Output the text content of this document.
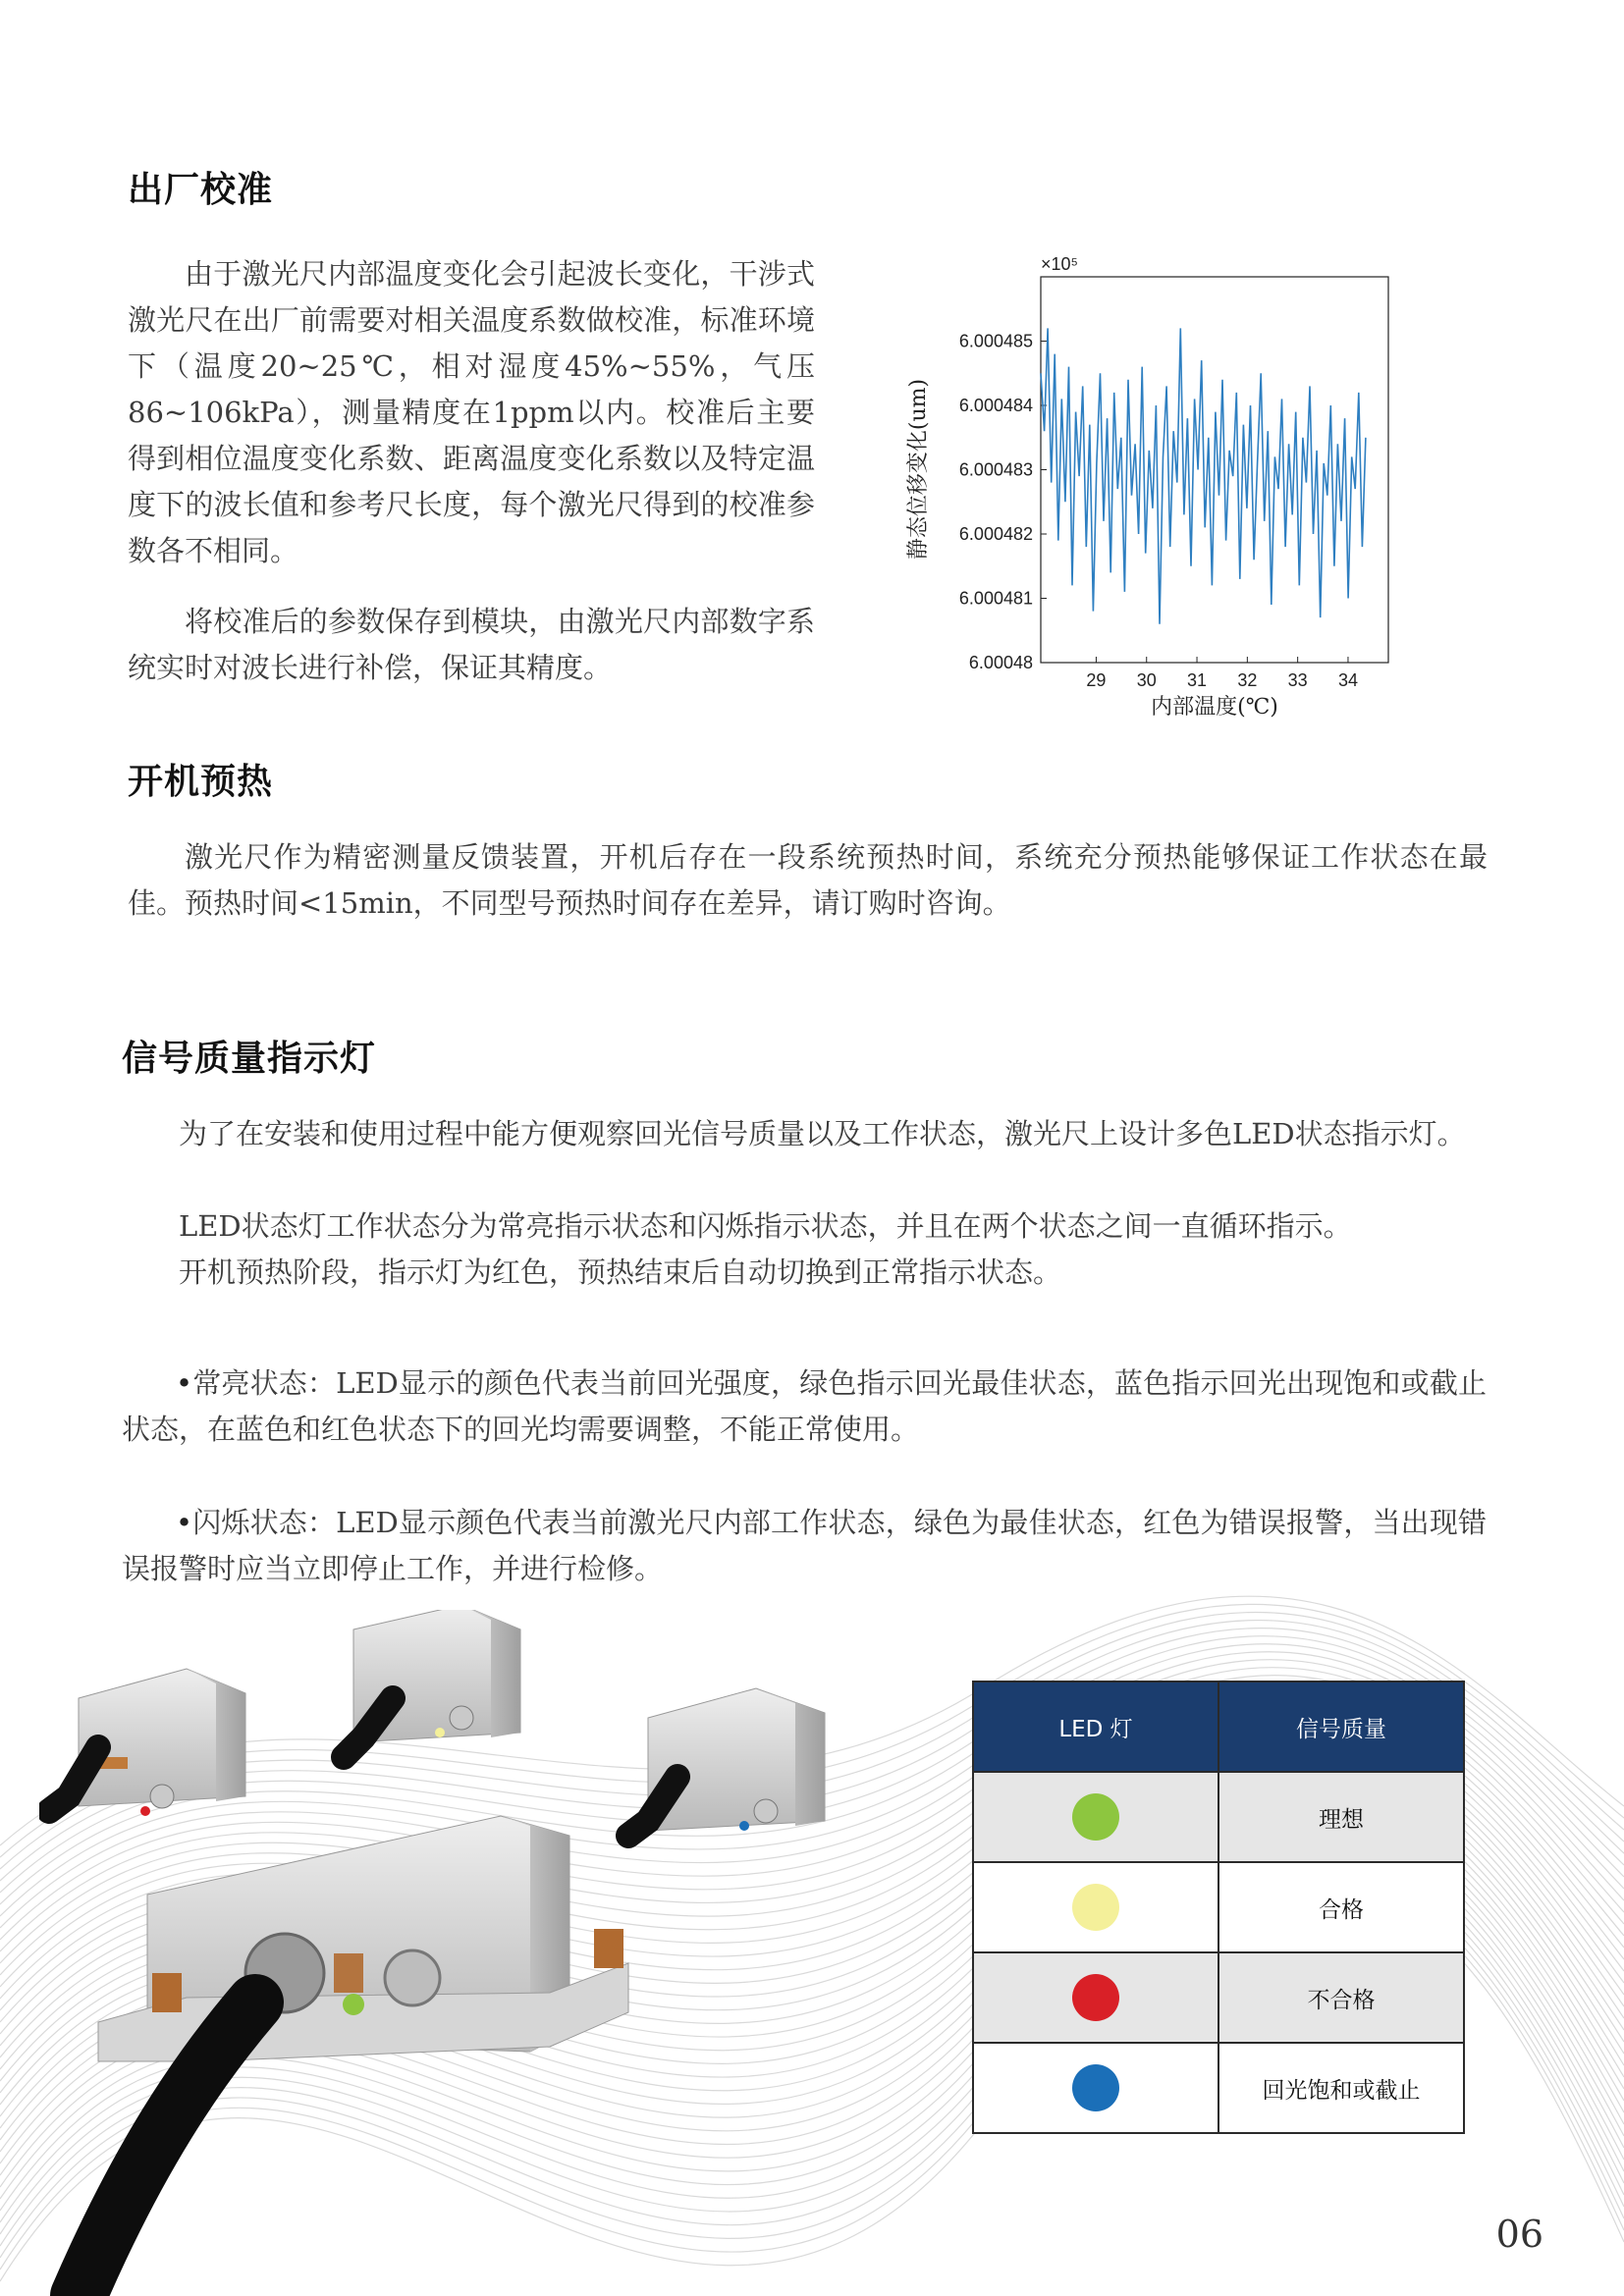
出厂校准

由于激光尺内部温度变化会引起波长变化，干涉式激光尺在出厂前需要对相关温度系数做校准，标准环境下（温度20~25℃，相对湿度45%~55%，气压86~106kPa），测量精度在1ppm以内。校准后主要得到相位温度变化系数、距离温度变化系数以及特定温度下的波长值和参考尺长度，每个激光尺得到的校准参数各不相同。

将校准后的参数保存到模块，由激光尺内部数字系统实时对波长进行补偿，保证其精度。	6.00048
6.000481
6.000482
6.000483
6.000484
6.000485
29 30 31 32 33 34
×10⁵
内部温度(℃)
静态位移变化(um)
开机预热

激光尺作为精密测量反馈装置，开机后存在一段系统预热时间，系统充分预热能够保证工作状态在最佳。预热时间<15min，不同型号预热时间存在差异，请订购时咨询。

信号质量指示灯

为了在安装和使用过程中能方便观察回光信号质量以及工作状态，激光尺上设计多色LED状态指示灯。

LED状态灯工作状态分为常亮指示状态和闪烁指示状态，并且在两个状态之间一直循环指示。

开机预热阶段，指示灯为红色，预热结束后自动切换到正常指示状态。

•常亮状态：LED显示的颜色代表当前回光强度，绿色指示回光最佳状态，蓝色指示回光出现饱和或截止状态，在蓝色和红色状态下的回光均需要调整，不能正常使用。

•闪烁状态：LED显示颜色代表当前激光尺内部工作状态，绿色为最佳状态，红色为错误报警，当出现错误报警时应当立即停止工作，并进行检修。

LED 灯	信号质量
	理想
	合格
	不合格
	回光饱和或截止
06
